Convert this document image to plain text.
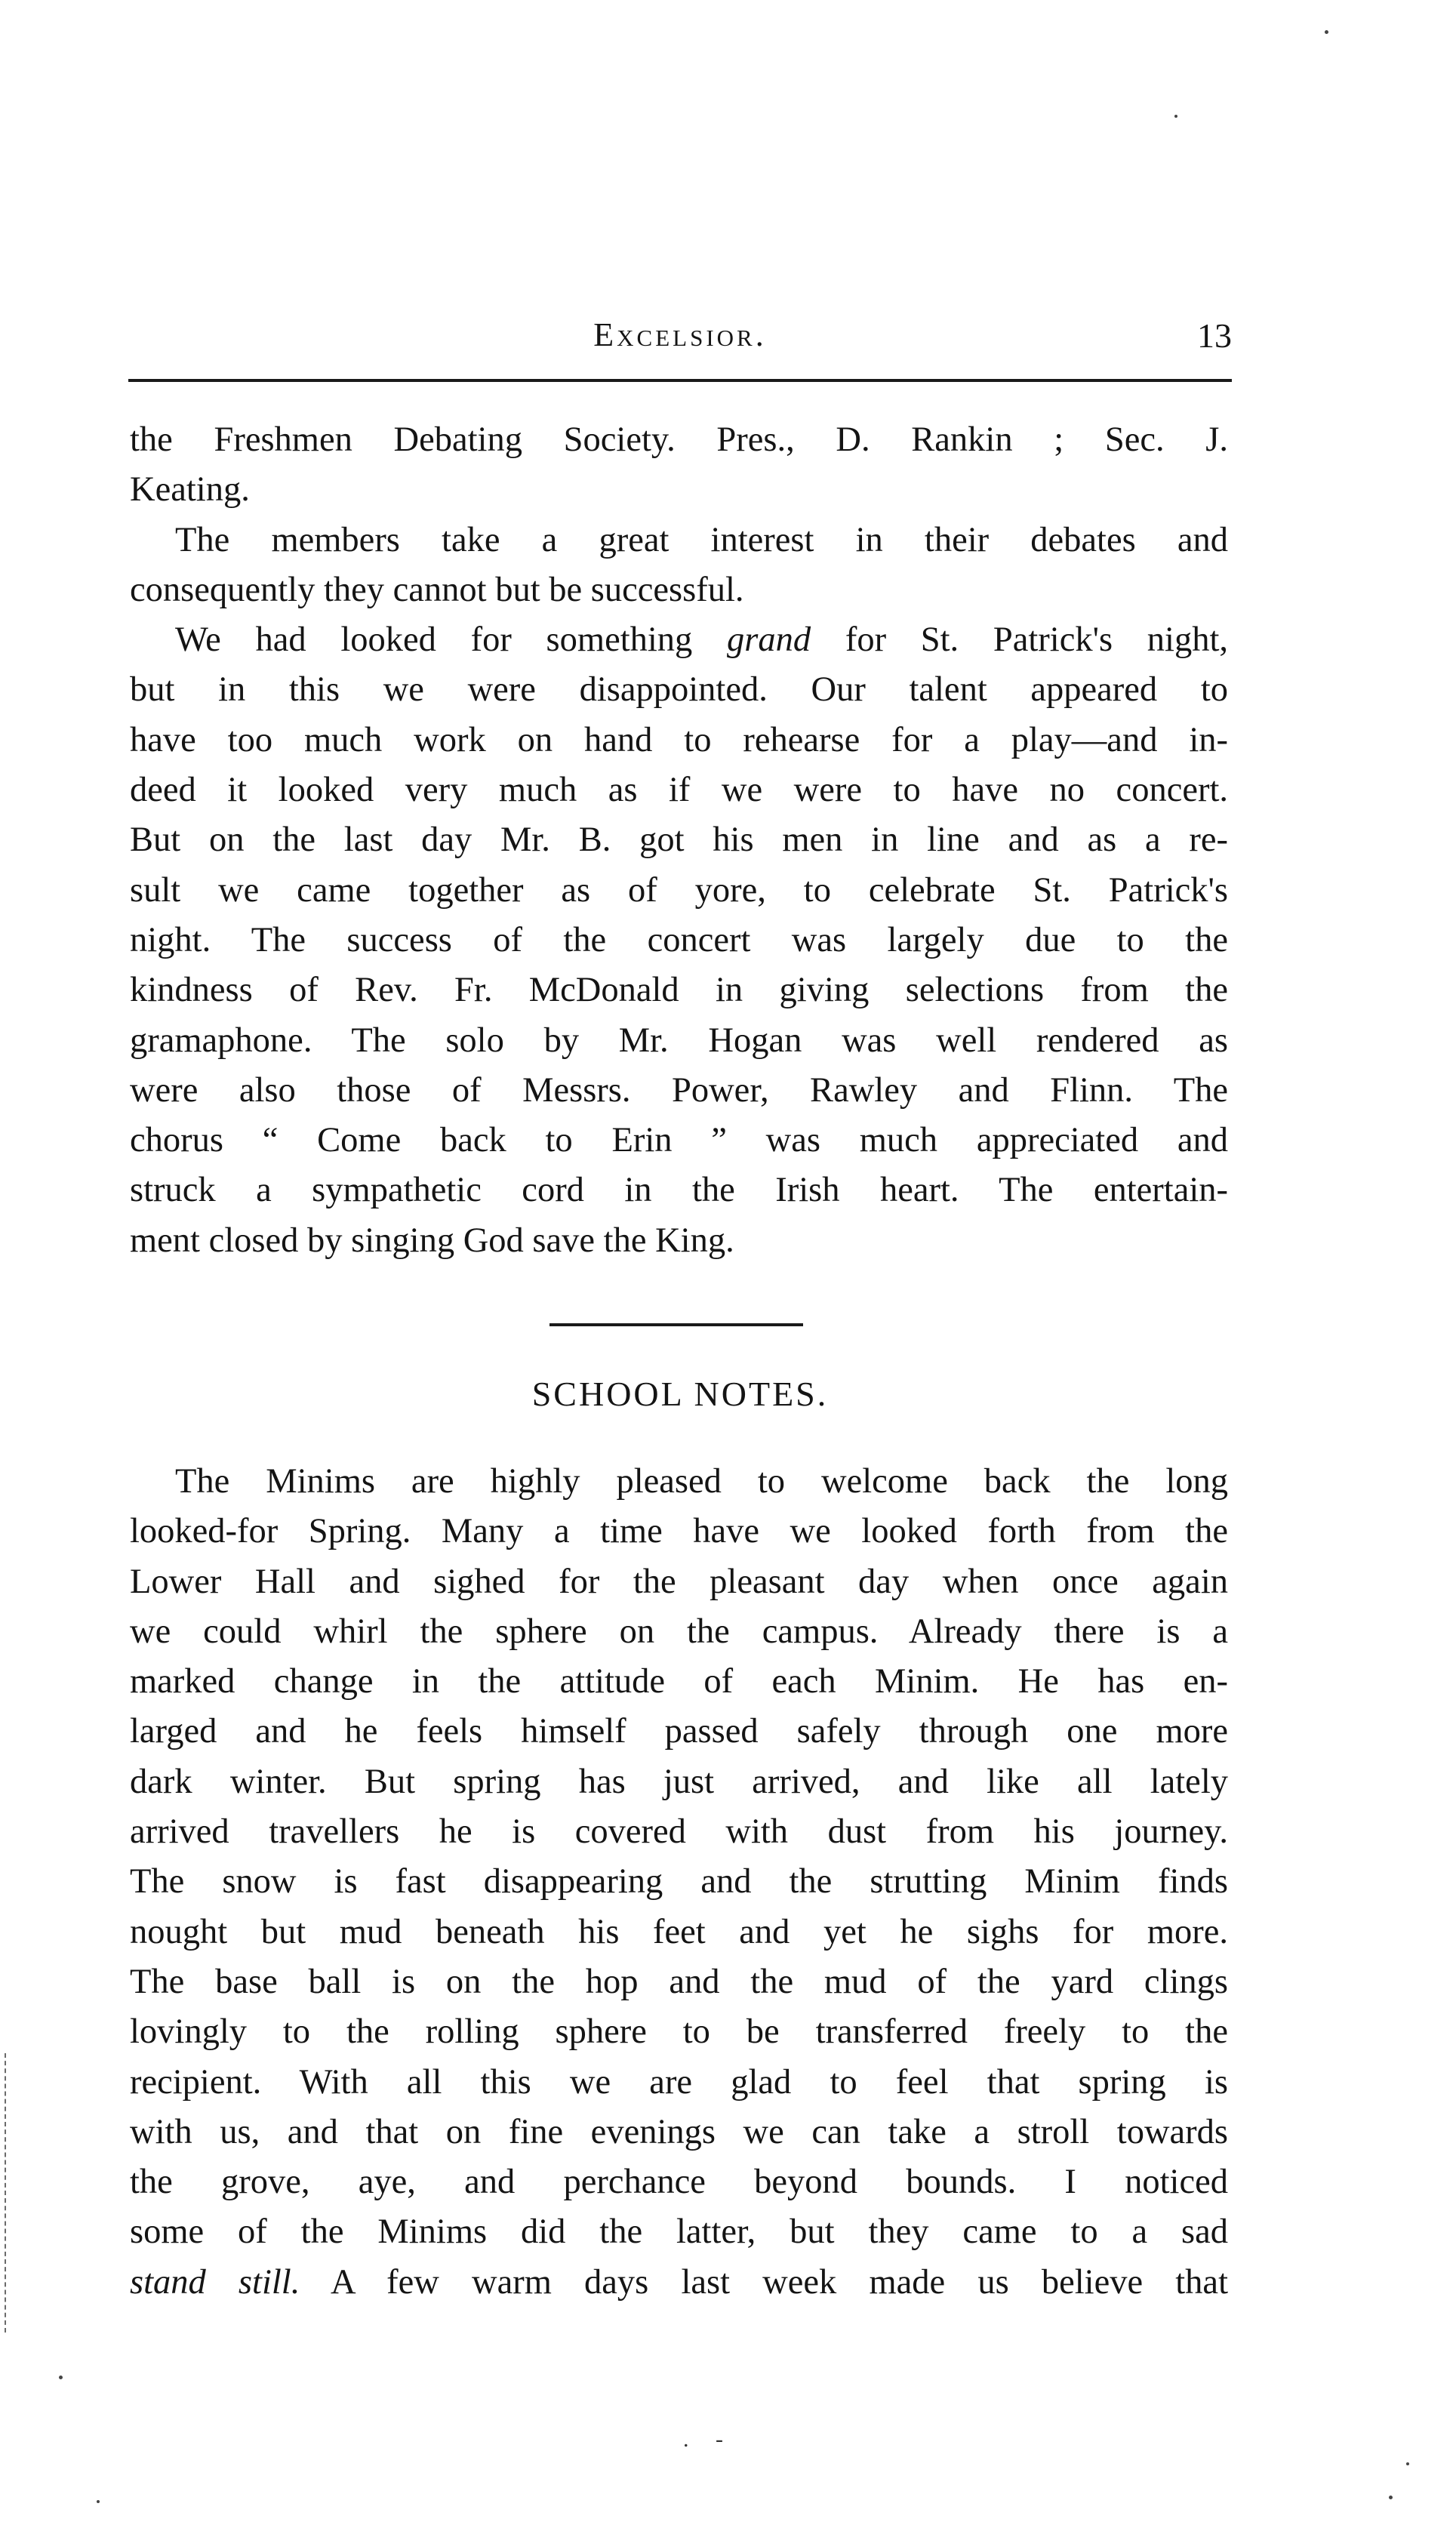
Excelsior.	13
the Freshmen Debating Society. Pres., D. Rankin ; Sec. J.
Keating.
The members take a great interest in their debates and
consequently they cannot but be successful.
We had looked for something grand for St. Patrick's night,
but in this we were disappointed. Our talent appeared to
have too much work on hand to rehearse for a play—and in-
deed it looked very much as if we were to have no concert.
But on the last day Mr. B. got his men in line and as a re-
sult we came together as of yore, to celebrate St. Patrick's
night. The success of the concert was largely due to the
kindness of Rev. Fr. McDonald in giving selections from the
gramaphone. The solo by Mr. Hogan was well rendered as
were also those of Messrs. Power, Rawley and Flinn. The
chorus “ Come back to Erin ” was much appreciated and
struck a sympathetic cord in the Irish heart. The entertain-
ment closed by singing God save the King.
SCHOOL NOTES.
The Minims are highly pleased to welcome back the long
looked-for Spring. Many a time have we looked forth from the
Lower Hall and sighed for the pleasant day when once again
we could whirl the sphere on the campus. Already there is a
marked change in the attitude of each Minim. He has en-
larged and he feels himself passed safely through one more
dark winter. But spring has just arrived, and like all lately
arrived travellers he is covered with dust from his journey.
The snow is fast disappearing and the strutting Minim finds
nought but mud beneath his feet and yet he sighs for more.
The base ball is on the hop and the mud of the yard clings
lovingly to the rolling sphere to be transferred freely to the
recipient. With all this we are glad to feel that spring is
with us, and that on fine evenings we can take a stroll towards
the grove, aye, and perchance beyond bounds. I noticed
some of the Minims did the latter, but they came to a sad
stand still. A few warm days last week made us believe that
. -
